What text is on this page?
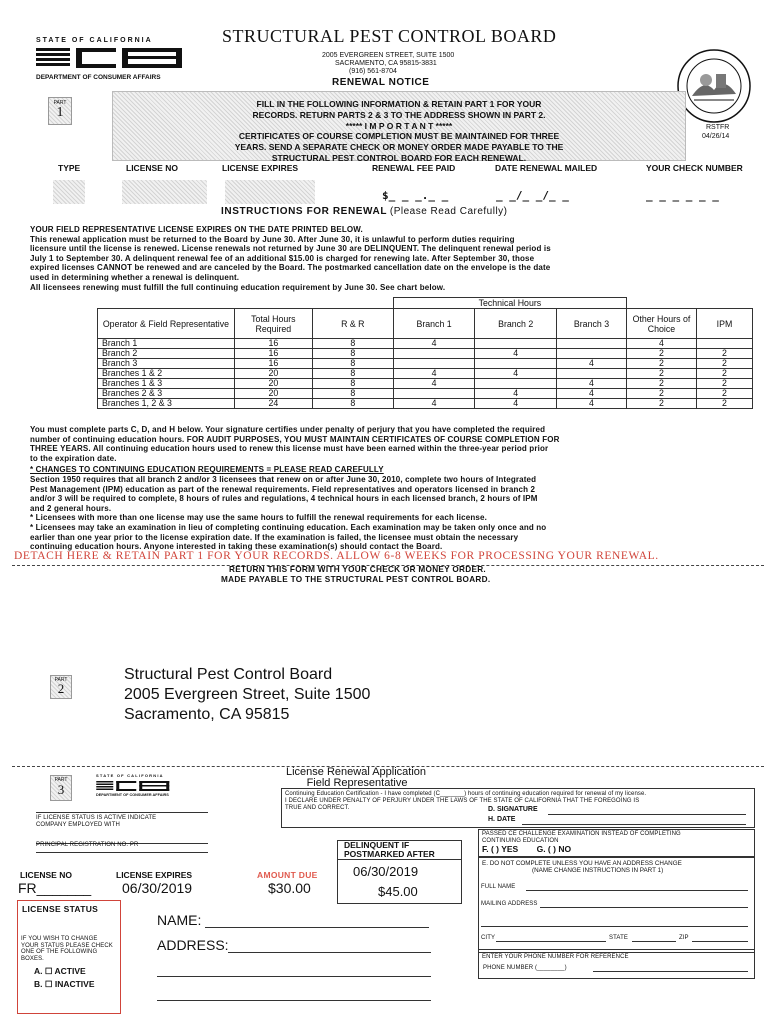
STATE OF CALIFORNIA
DEPARTMENT OF CONSUMER AFFAIRS
STRUCTURAL PEST CONTROL BOARD
2005 EVERGREEN STREET, SUITE 1500
SACRAMENTO, CA 95815-3831
(916) 561-8704
RENEWAL NOTICE
RSTFR
04/26/14
PART
1
FILL IN THE FOLLOWING INFORMATION & RETAIN PART 1 FOR YOUR
RECORDS. RETURN PARTS 2 & 3 TO THE ADDRESS SHOWN IN PART 2.
***** I M P O R T A N T *****
CERTIFICATES OF COURSE COMPLETION MUST BE MAINTAINED FOR THREE
YEARS. SEND A SEPARATE CHECK OR MONEY ORDER MADE PAYABLE TO THE
STRUCTURAL PEST CONTROL BOARD FOR EACH RENEWAL.
TYPE	LICENSE NO	LICENSE EXPIRES	RENEWAL FEE PAID	DATE RENEWAL MAILED	YOUR CHECK NUMBER
$_ _ _._ _	_ _/_ _/_ _	_ _ _ _ _ _
INSTRUCTIONS FOR RENEWAL (Please Read Carefully)
YOUR FIELD REPRESENTATIVE LICENSE EXPIRES ON THE DATE PRINTED BELOW.
This renewal application must be returned to the Board by June 30. After June 30, it is unlawful to perform duties requiring
licensure until the license is renewed. License renewals not returned by June 30 are DELINQUENT. The delinquent renewal period is
July 1 to September 30. A delinquent renewal fee of an additional $15.00 is charged for renewing late. After September 30, those
expired licenses CANNOT be renewed and are canceled by the Board. The postmarked cancellation date on the envelope is the date
used in determining whether a renewal is delinquent.
All licensees renewing must fulfill the full continuing education requirement by June 30. See chart below.
			Technical Hours				
Operator & Field Representative	Total Hours Required	R & R	Branch 1	Branch 2	Branch 3	Other Hours of Choice	IPM
Branch 1	16	8	4			4	
Branch 2	16	8		4		2	2
Branch 3	16	8			4	2	2
Branches 1 & 2	20	8	4	4		2	2
Branches 1 & 3	20	8	4		4	2	2
Branches 2 & 3	20	8		4	4	2	2
Branches 1, 2 & 3	24	8	4	4	4	2	2
You must complete parts C, D, and H below. Your signature certifies under penalty of perjury that you have completed the required
number of continuing education hours. FOR AUDIT PURPOSES, YOU MUST MAINTAIN CERTIFICATES OF COURSE COMPLETION FOR
THREE YEARS. All continuing education hours used to renew this license must have been earned within the three-year period prior
to the expiration date.
* CHANGES TO CONTINUING EDUCATION REQUIREMENTS = PLEASE READ CAREFULLY
Section 1950 requires that all branch 2 and/or 3 licensees that renew on or after June 30, 2010, complete two hours of Integrated
Pest Management (IPM) education as part of the renewal requirements. Field representatives and operators licensed in branch 2
and/or 3 will be required to complete, 8 hours of rules and regulations, 4 technical hours in each licensed branch, 2 hours of IPM
and 2 general hours.
* Licensees with more than one license may use the same hours to fulfill the renewal requirements for each license.
* Licensees may take an examination in lieu of completing continuing education. Each examination may be taken only once and no
earlier than one year prior to the license expiration date. If the examination is failed, the licensee must obtain the necessary
continuing education hours. Anyone interested in taking these examination(s) should contact the Board.
DETACH HERE & RETAIN PART 1 FOR YOUR RECORDS. ALLOW 6-8 WEEKS FOR PROCESSING YOUR RENEWAL.
RETURN THIS FORM WITH YOUR CHECK OR MONEY ORDER.
MADE PAYABLE TO THE STRUCTURAL PEST CONTROL BOARD.
PART
2
Structural Pest Control Board
2005 Evergreen Street, Suite 1500
Sacramento, CA 95815
PART
3
STATE OF CALIFORNIA
DEPARTMENT OF CONSUMER AFFAIRS
License Renewal Application
Field Representative
IF LICENSE STATUS IS ACTIVE INDICATE COMPANY EMPLOYED WITH
PRINCIPAL REGISTRATION NO. PR
Continuing Education Certification - I have completed (C_______) hours of continuing education required for renewal of my license.
I DECLARE UNDER PENALTY OF PERJURY UNDER THE LAWS OF THE STATE OF CALIFORNIA THAT THE FOREGOING IS
TRUE AND CORRECT.	D. SIGNATURE
H. DATE
PASSED CE CHALLENGE EXAMINATION INSTEAD OF COMPLETING
CONTINUING EDUCATION
F. ( ) YES G. ( ) NO
DELINQUENT IF
POSTMARKED AFTER
06/30/2019
$45.00
LICENSE NO
FR_______
LICENSE EXPIRES
06/30/2019
AMOUNT DUE
$30.00
E. DO NOT COMPLETE UNLESS YOU HAVE AN ADDRESS CHANGE
(NAME CHANGE INSTRUCTIONS IN PART 1)
FULL NAME
MAILING ADDRESS
CITY	STATE	ZIP
ENTER YOUR PHONE NUMBER FOR REFERENCE
PHONE NUMBER (________)
LICENSE STATUS
IF YOU WISH TO CHANGE YOUR STATUS PLEASE CHECK ONE OF THE FOLLOWING BOXES.
A. ☐ ACTIVE
B. ☐ INACTIVE
NAME:
ADDRESS:
